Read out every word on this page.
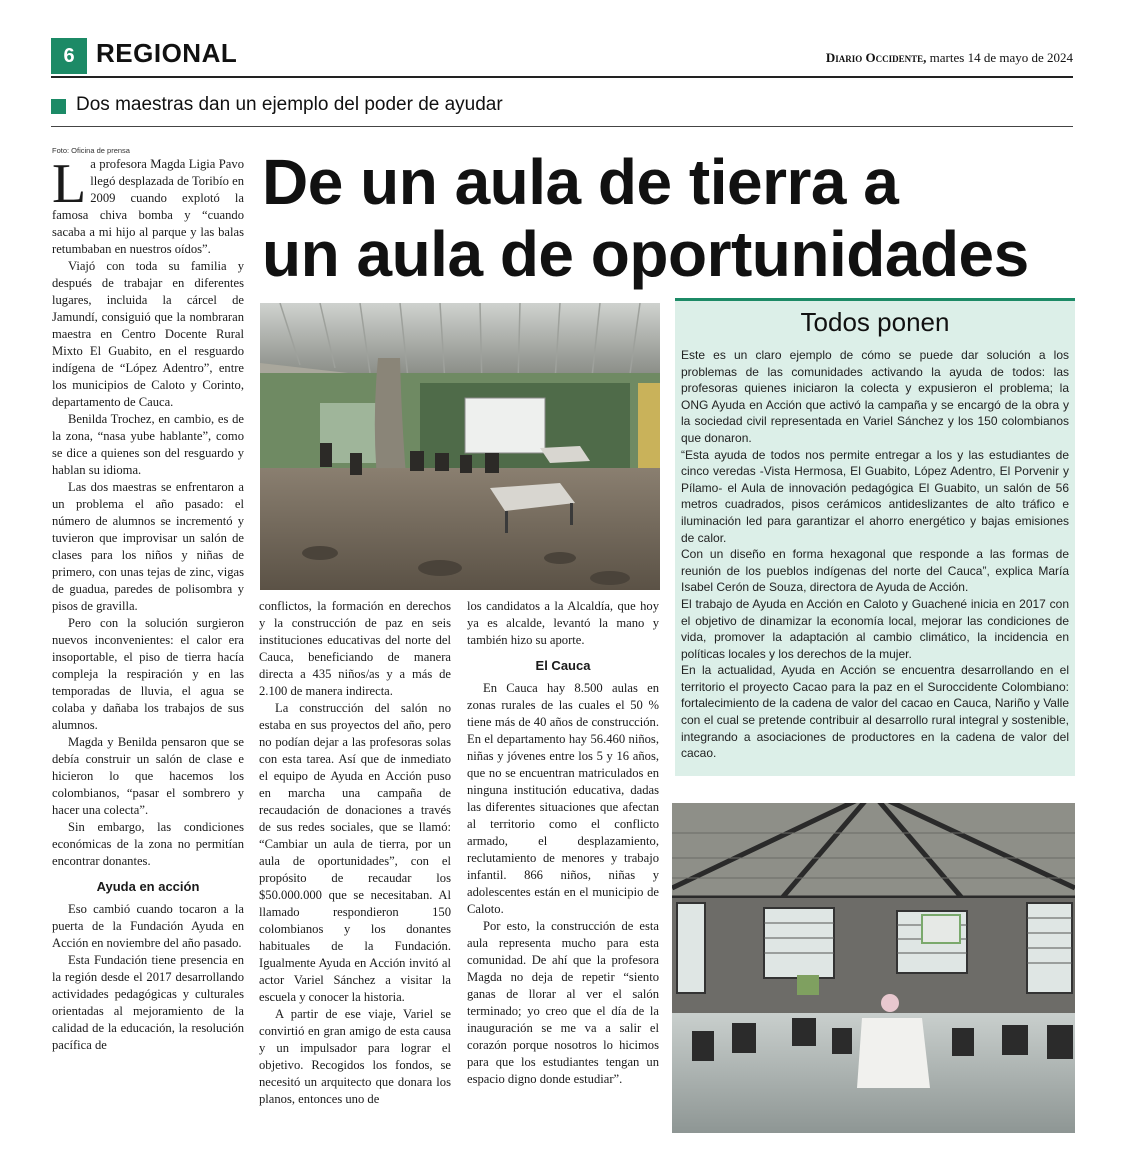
6 REGIONAL	Diario Occidente, martes 14 de mayo de 2024
Dos maestras dan un ejemplo del poder de ayudar
De un aula de tierra a
un aula de oportunidades
Foto: Oficina de prensa

La profesora Magda Ligia Pavo llegó desplazada de Toribío en 2009 cuando explotó la famosa chiva bomba y “cuando sacaba a mi hijo al parque y las balas retumbaban en nuestros oídos”.

Viajó con toda su familia y después de trabajar en diferentes lugares, incluida la cárcel de Jamundí, consiguió que la nombraran maestra en Centro Docente Rural Mixto El Guabito, en el resguardo indígena de “López Adentro”, entre los municipios de Caloto y Corinto, departamento de Cauca.

Benilda Trochez, en cambio, es de la zona, “nasa yube hablante”, como se dice a quienes son del resguardo y hablan su idioma.

Las dos maestras se enfrentaron a un problema el año pasado: el número de alumnos se incrementó y tuvieron que improvisar un salón de clases para los niños y niñas de primero, con unas tejas de zinc, vigas de guadua, paredes de polisombra y pisos de gravilla.

Pero con la solución surgieron nuevos inconvenientes: el calor era insoportable, el piso de tierra hacía compleja la respiración y en las temporadas de lluvia, el agua se colaba y dañaba los trabajos de sus alumnos.

Magda y Benilda pensaron que se debía construir un salón de clase e hicieron lo que hacemos los colombianos, “pasar el sombrero y hacer una colecta”.

Sin embargo, las condiciones económicas de la zona no permitían encontrar donantes.

Ayuda en acción

Eso cambió cuando tocaron a la puerta de la Fundación Ayuda en Acción en noviembre del año pasado.

Esta Fundación tiene presencia en la región desde el 2017 desarrollando actividades pedagógicas y culturales orientadas al mejoramiento de la calidad de la educación, la resolución pacífica de

conflictos, la formación en derechos y la construcción de paz en seis instituciones educativas del norte del Cauca, beneficiando de manera directa a 435 niños/as y a más de 2.100 de manera indirecta.

La construcción del salón no estaba en sus proyectos del año, pero no podían dejar a las profesoras solas con esta tarea. Así que de inmediato el equipo de Ayuda en Acción puso en marcha una campaña de recaudación de donaciones a través de sus redes sociales, que se llamó: “Cambiar un aula de tierra, por un aula de oportunidades”, con el propósito de recaudar los $50.000.000 que se necesitaban. Al llamado respondieron 150 colombianos y los donantes habituales de la Fundación. Igualmente Ayuda en Acción invitó al actor Variel Sánchez a visitar la escuela y conocer la historia.

A partir de ese viaje, Variel se convirtió en gran amigo de esta causa y un impulsador para lograr el objetivo. Recogidos los fondos, se necesitó un arquitecto que donara los planos, entonces uno de

los candidatos a la Alcaldía, que hoy ya es alcalde, levantó la mano y también hizo su aporte.

El Cauca

En Cauca hay 8.500 aulas en zonas rurales de las cuales el 50 % tiene más de 40 años de construcción. En el departamento hay 56.460 niños, niñas y jóvenes entre los 5 y 16 años, que no se encuentran matriculados en ninguna institución educativa, dadas las diferentes situaciones que afectan al territorio como el conflicto armado, el desplazamiento, reclutamiento de menores y trabajo infantil. 866 niños, niñas y adolescentes están en el municipio de Caloto.

Por esto, la construcción de esta aula representa mucho para esta comunidad. De ahí que la profesora Magda no deja de repetir “siento ganas de llorar al ver el salón terminado; yo creo que el día de la inauguración se me va a salir el corazón porque nosotros lo hicimos para que los estudiantes tengan un espacio digno donde estudiar”.

Todos ponen

Este es un claro ejemplo de cómo se puede dar solución a los problemas de las comunidades activando la ayuda de todos: las profesoras quienes iniciaron la colecta y expusieron el problema; la ONG Ayuda en Acción que activó la campaña y se encargó de la obra y la sociedad civil representada en Variel Sánchez y los 150 colombianos que donaron.

“Esta ayuda de todos nos permite entregar a los y las estudiantes de cinco veredas -Vista Hermosa, El Guabito, López Adentro, El Porvenir y Pílamo- el Aula de innovación pedagógica El Guabito, un salón de 56 metros cuadrados, pisos cerámicos antideslizantes de alto tráfico e iluminación led para garantizar el ahorro energético y bajas emisiones de calor.

Con un diseño en forma hexagonal que responde a las formas de reunión de los pueblos indígenas del norte del Cauca”, explica María Isabel Cerón de Souza, directora de Ayuda de Acción.

El trabajo de Ayuda en Acción en Caloto y Guachené inicia en 2017 con el objetivo de dinamizar la economía local, mejorar las condiciones de vida, promover la adaptación al cambio climático, la incidencia en políticas locales y los derechos de la mujer.

En la actualidad, Ayuda en Acción se encuentra desarrollando en el territorio el proyecto Cacao para la paz en el Suroccidente Colombiano: fortalecimiento de la cadena de valor del cacao en Cauca, Nariño y Valle con el cual se pretende contribuir al desarrollo rural integral y sostenible, integrando a asociaciones de productores en la cadena de valor del cacao.
